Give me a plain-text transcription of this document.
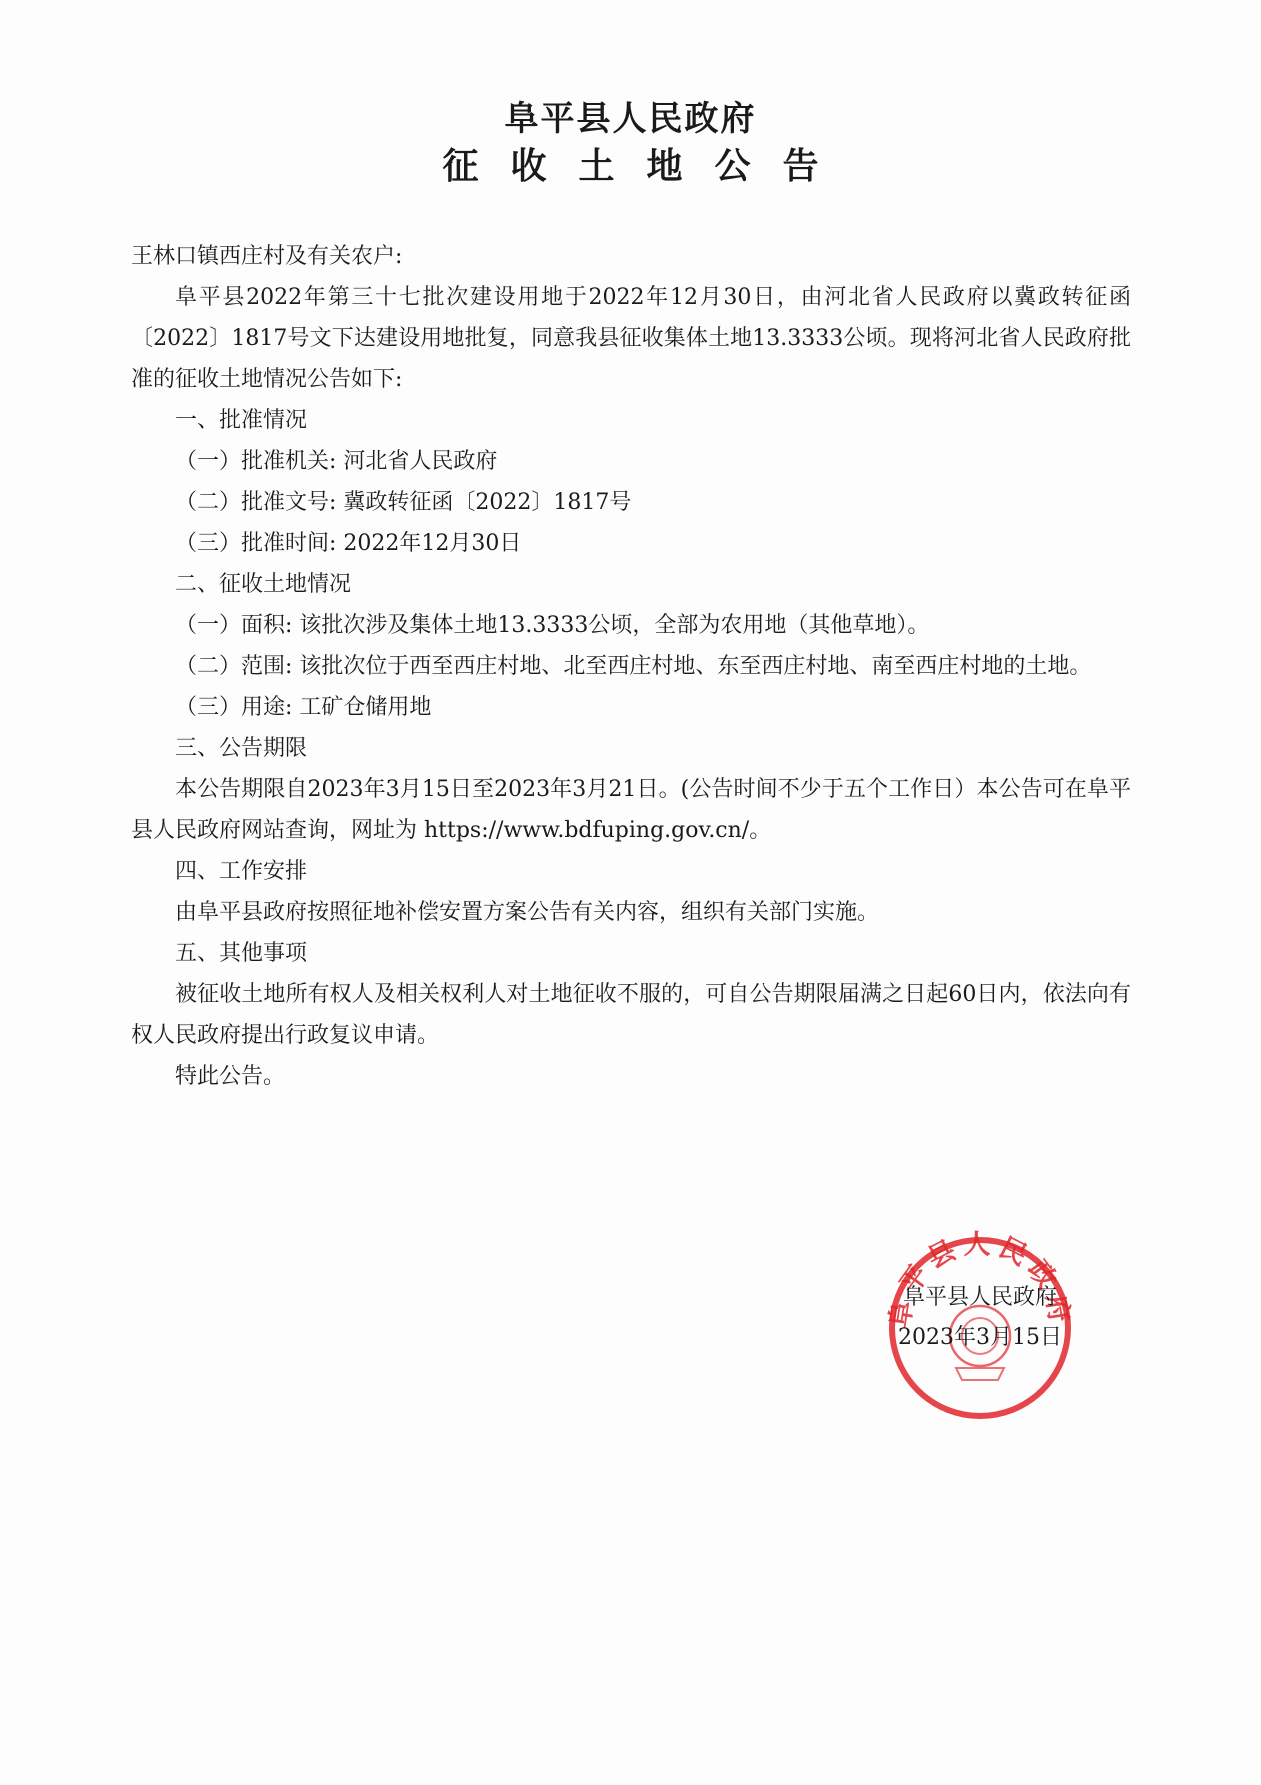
阜平县人民政府
征收土地公告

王林口镇西庄村及有关农户:

阜平县2022年第三十七批次建设用地于2022年12月30日，由河北省人民政府以冀政转征函〔2022〕1817号文下达建设用地批复，同意我县征收集体土地13.3333公顷。现将河北省人民政府批准的征收土地情况公告如下:

一、批准情况

（一）批准机关: 河北省人民政府

（二）批准文号: 冀政转征函〔2022〕1817号

（三）批准时间: 2022年12月30日

二、征收土地情况

（一）面积: 该批次涉及集体土地13.3333公顷，全部为农用地（其他草地）。

（二）范围: 该批次位于西至西庄村地、北至西庄村地、东至西庄村地、南至西庄村地的土地。

（三）用途: 工矿仓储用地

三、公告期限

本公告期限自2023年3月15日至2023年3月21日。(公告时间不少于五个工作日）本公告可在阜平县人民政府网站查询，网址为 https://www.bdfuping.gov.cn/。

四、工作安排

由阜平县政府按照征地补偿安置方案公告有关内容，组织有关部门实施。

五、其他事项

被征收土地所有权人及相关权利人对土地征收不服的，可自公告期限届满之日起60日内，依法向有权人民政府提出行政复议申请。

特此公告。

阜平县人民政府
阜平县人民政府
2023年3月15日
